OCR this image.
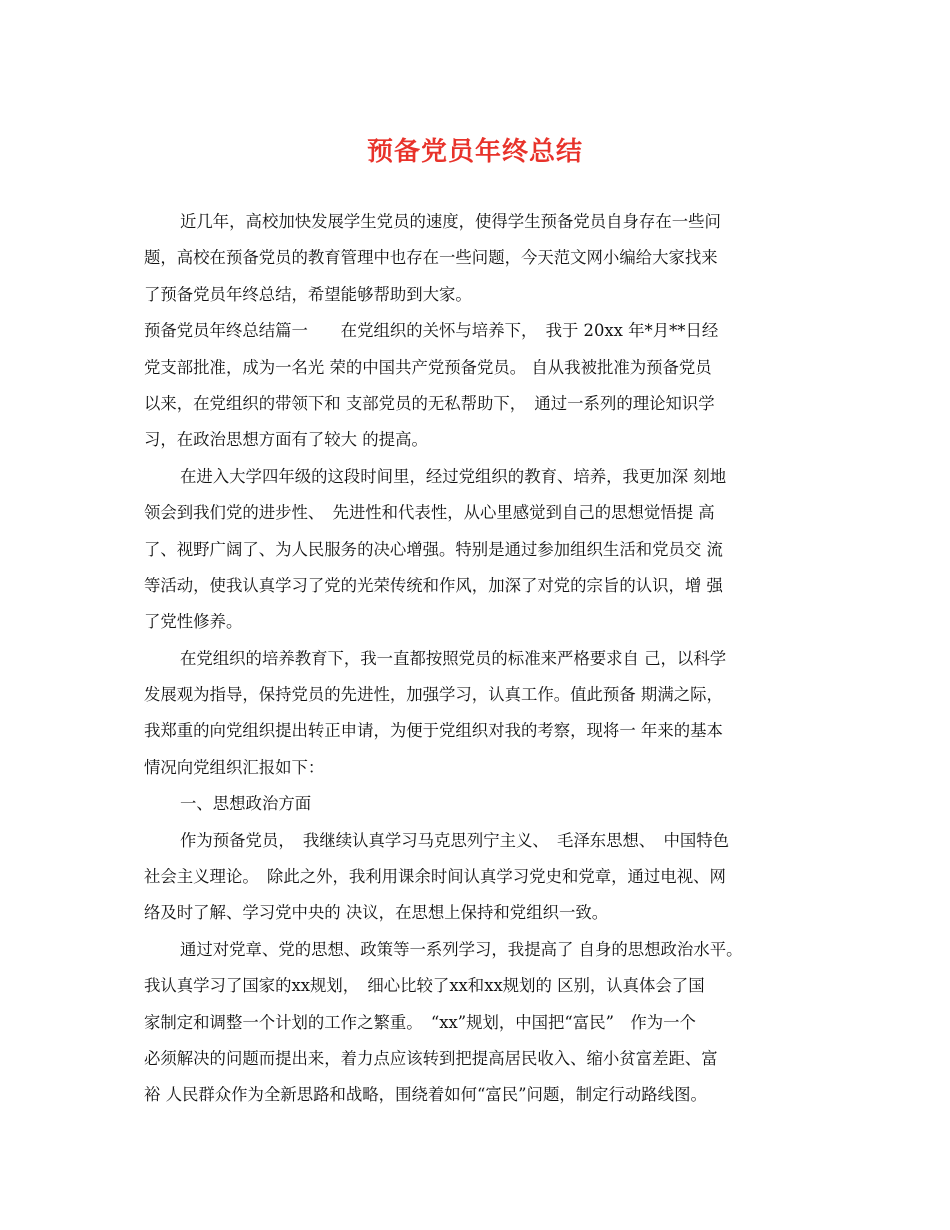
预备党员年终总结
近几年，高校加快发展学生党员的速度，使得学生预备党员自身存在一些问
题，高校在预备党员的教育管理中也存在一些问题，今天范文网小编给大家找来
了预备党员年终总结，希望能够帮助到大家。
预备党员年终总结篇一　　在党组织的关怀与培养下，　我于 20xx 年*月**日经
党支部批准，成为一名光 荣的中国共产党预备党员。 自从我被批准为预备党员
以来，在党组织的带领下和 支部党员的无私帮助下，　通过一系列的理论知识学
习，在政治思想方面有了较大 的提高。
在进入大学四年级的这段时间里，经过党组织的教育、培养，我更加深 刻地
领会到我们党的进步性、　先进性和代表性，从心里感觉到自己的思想觉悟提 高
了、视野广阔了、为人民服务的决心增强。特别是通过参加组织生活和党员交 流
等活动，使我认真学习了党的光荣传统和作风，加深了对党的宗旨的认识，增 强
了党性修养。
在党组织的培养教育下，我一直都按照党员的标准来严格要求自 己，以科学
发展观为指导，保持党员的先进性，加强学习，认真工作。值此预备 期满之际，
我郑重的向党组织提出转正申请，为便于党组织对我的考察，现将一 年来的基本
情况向党组织汇报如下：
一、思想政治方面
作为预备党员，　我继续认真学习马克思列宁主义、　毛泽东思想、　中国特色
社会主义理论。　除此之外，我利用课余时间认真学习党史和党章，通过电视、网
络及时了解、学习党中央的 决议，在思想上保持和党组织一致。
通过对党章、党的思想、政策等一系列学习，我提高了 自身的思想政治水平。
我认真学习了国家的xx规划，　细心比较了xx和xx规划的 区别，认真体会了国
家制定和调整一个计划的工作之繁重。　“xx”规划，中国把“富民”　作为一个
必须解决的问题而提出来，着力点应该转到把提高居民收入、缩小贫富差距、富
裕 人民群众作为全新思路和战略，围绕着如何“富民”问题，制定行动路线图。
